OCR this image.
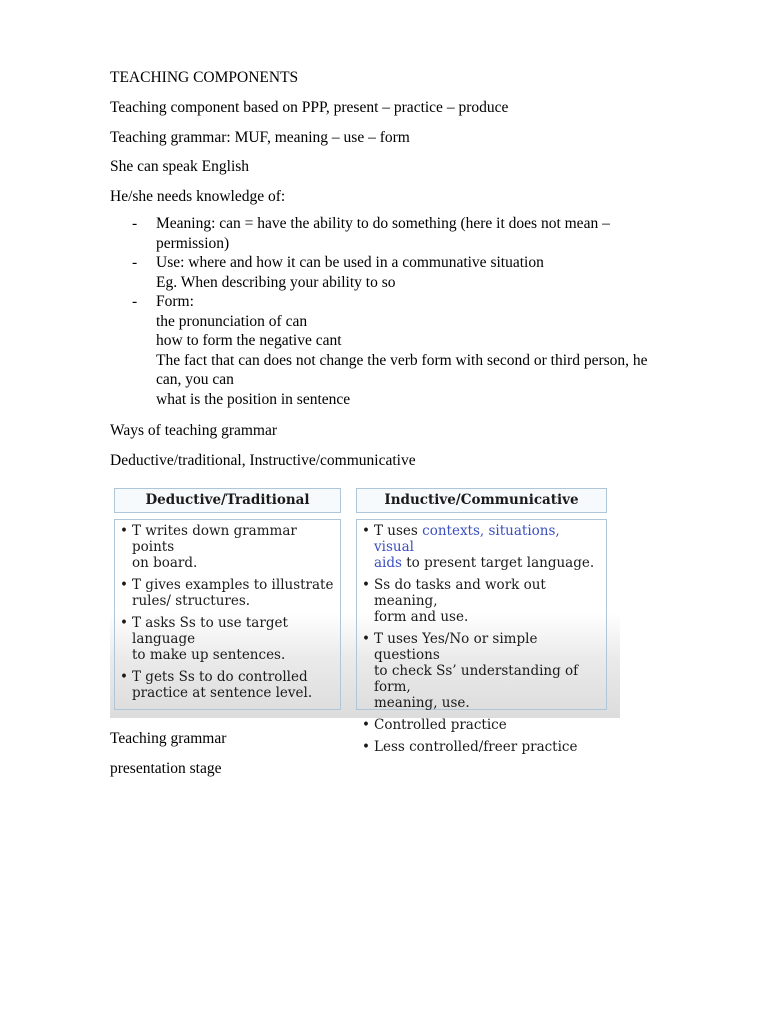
TEACHING COMPONENTS
Teaching component based on PPP, present – practice – produce
Teaching grammar: MUF, meaning – use – form
She can speak English
He/she needs knowledge of:
- Meaning: can = have the ability to do something (here it does not mean –
permission)
- Use: where and how it can be used in a communative situation
Eg. When describing your ability to so
- Form:
the pronunciation of can
how to form the negative cant
The fact that can does not change the verb form with second or third person, he
can, you can
what is the position in sentence
Ways of teaching grammar
Deductive/traditional, Instructive/communicative
Deductive/Traditional
• T writes down grammar points
on board.
• T gives examples to illustrate
rules/ structures.
• T asks Ss to use target language
to make up sentences.
• T gets Ss to do controlled
practice at sentence level.
Inductive/Communicative
• T uses contexts, situations, visual
aids to present target language.
• Ss do tasks and work out meaning,
form and use.
• T uses Yes/No or simple questions
to check Ss’ understanding of form,
meaning, use.
• Controlled practice
• Less controlled/freer practice
Teaching grammar
presentation stage
